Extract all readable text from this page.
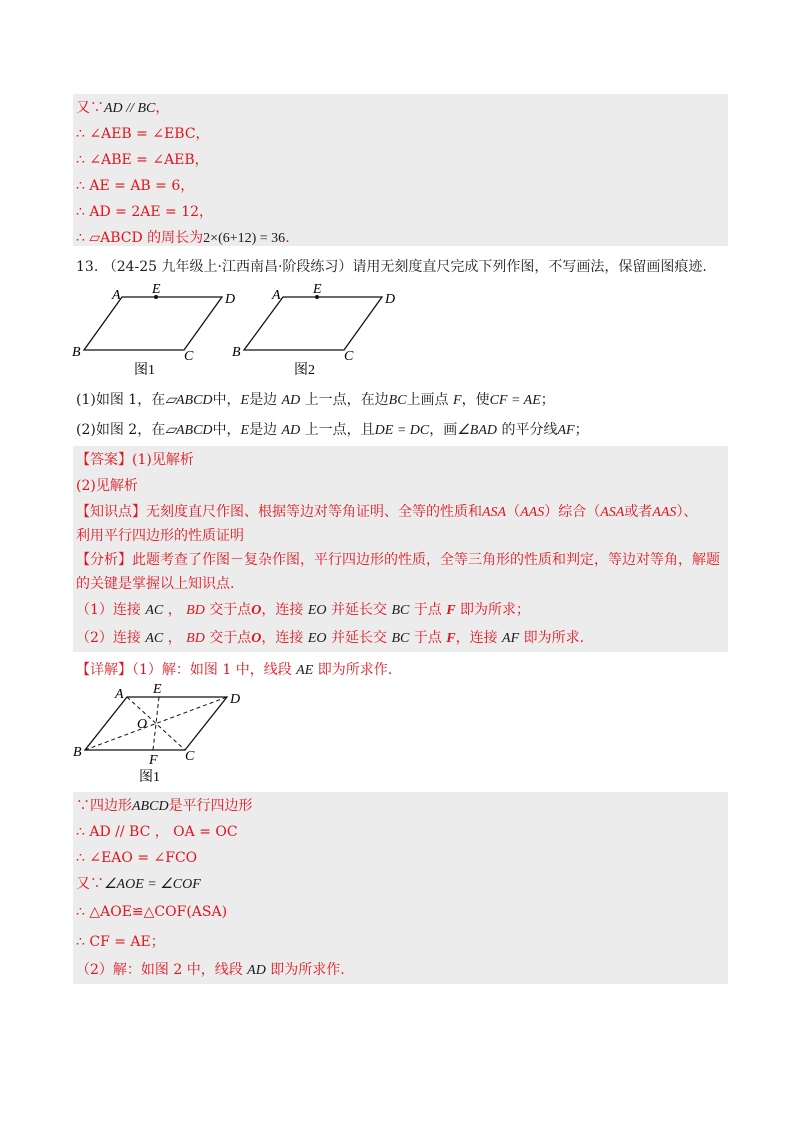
又∵AD // BC，
∴ ∠AEB = ∠EBC，
∴ ∠ABE = ∠AEB，
∴ AE = AB = 6，
∴ AD = 2AE = 12，
∴ ▱ABCD 的周长为2×(6+12) = 36.
13. （24-25 九年级上·江西南昌·阶段练习）请用无刻度直尺完成下列作图，不写画法，保留画图痕迹.
A E
D
B	C
图1
A E
D
B	C
图2
(1)如图 1，在▱ABCD中，E是边 AD 上一点，在边BC上画点 F，使CF = AE；
(2)如图 2，在▱ABCD中，E是边 AD 上一点，且DE = DC，画∠BAD 的平分线AF；
【答案】(1)见解析
(2)见解析
【知识点】无刻度直尺作图、根据等边对等角证明、全等的性质和ASA（AAS）综合（ASA或者AAS）、
利用平行四边形的性质证明
【分析】此题考查了作图－复杂作图，平行四边形的性质，全等三角形的性质和判定，等边对等角，解题
的关键是掌握以上知识点.
（1）连接 AC ， BD 交于点O，连接 EO 并延长交 BC 于点 F 即为所求；
（2）连接 AC ， BD 交于点O，连接 EO 并延长交 BC 于点 F，连接 AF 即为所求.
【详解】（1）解：如图 1 中，线段 AE 即为所求作.
A E
D
O
B	C
F
图1
∵四边形ABCD是平行四边形
∴ AD // BC ， OA = OC
∴ ∠EAO = ∠FCO
又∵∠AOE = ∠COF
∴ △AOE≌△COF(ASA)
∴ CF = AE；
（2）解：如图 2 中，线段 AD 即为所求作.
